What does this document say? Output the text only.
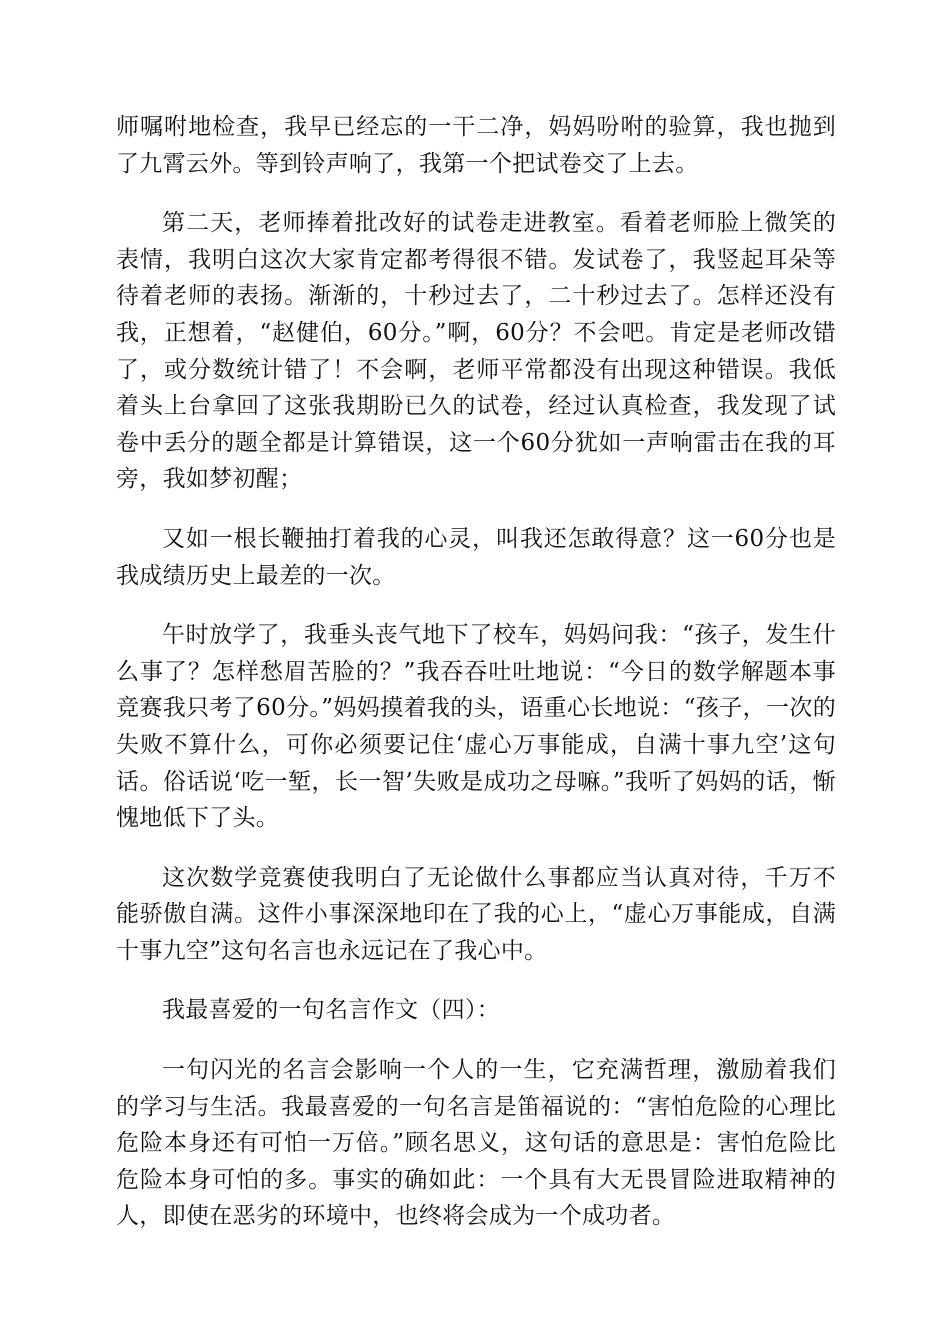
师嘱咐地检查，我早已经忘的一干二净，妈妈吩咐的验算，我也抛到了九霄云外。等到铃声响了，我第一个把试卷交了上去。

第二天，老师捧着批改好的试卷走进教室。看着老师脸上微笑的表情，我明白这次大家肯定都考得很不错。发试卷了，我竖起耳朵等待着老师的表扬。渐渐的，十秒过去了，二十秒过去了。怎样还没有我，正想着，“赵健伯，60分。”啊，60分？不会吧。肯定是老师改错了，或分数统计错了！不会啊，老师平常都没有出现这种错误。我低着头上台拿回了这张我期盼已久的试卷，经过认真检查，我发现了试卷中丢分的题全都是计算错误，这一个60分犹如一声响雷击在我的耳旁，我如梦初醒；

又如一根长鞭抽打着我的心灵，叫我还怎敢得意？这一60分也是我成绩历史上最差的一次。

午时放学了，我垂头丧气地下了校车，妈妈问我：“孩子，发生什么事了？怎样愁眉苦脸的？”我吞吞吐吐地说：“今日的数学解题本事竞赛我只考了60分。”妈妈摸着我的头，语重心长地说：“孩子，一次的失败不算什么，可你必须要记住‘虚心万事能成，自满十事九空’这句话。俗话说‘吃一堑，长一智’失败是成功之母嘛。”我听了妈妈的话，惭愧地低下了头。

这次数学竞赛使我明白了无论做什么事都应当认真对待，千万不能骄傲自满。这件小事深深地印在了我的心上，“虚心万事能成，自满十事九空”这句名言也永远记在了我心中。

我最喜爱的一句名言作文（四）：

一句闪光的名言会影响一个人的一生，它充满哲理，激励着我们的学习与生活。我最喜爱的一句名言是笛福说的：“害怕危险的心理比危险本身还有可怕一万倍。”顾名思义，这句话的意思是：害怕危险比危险本身可怕的多。事实的确如此：一个具有大无畏冒险进取精神的人，即使在恶劣的环境中，也终将会成为一个成功者。
